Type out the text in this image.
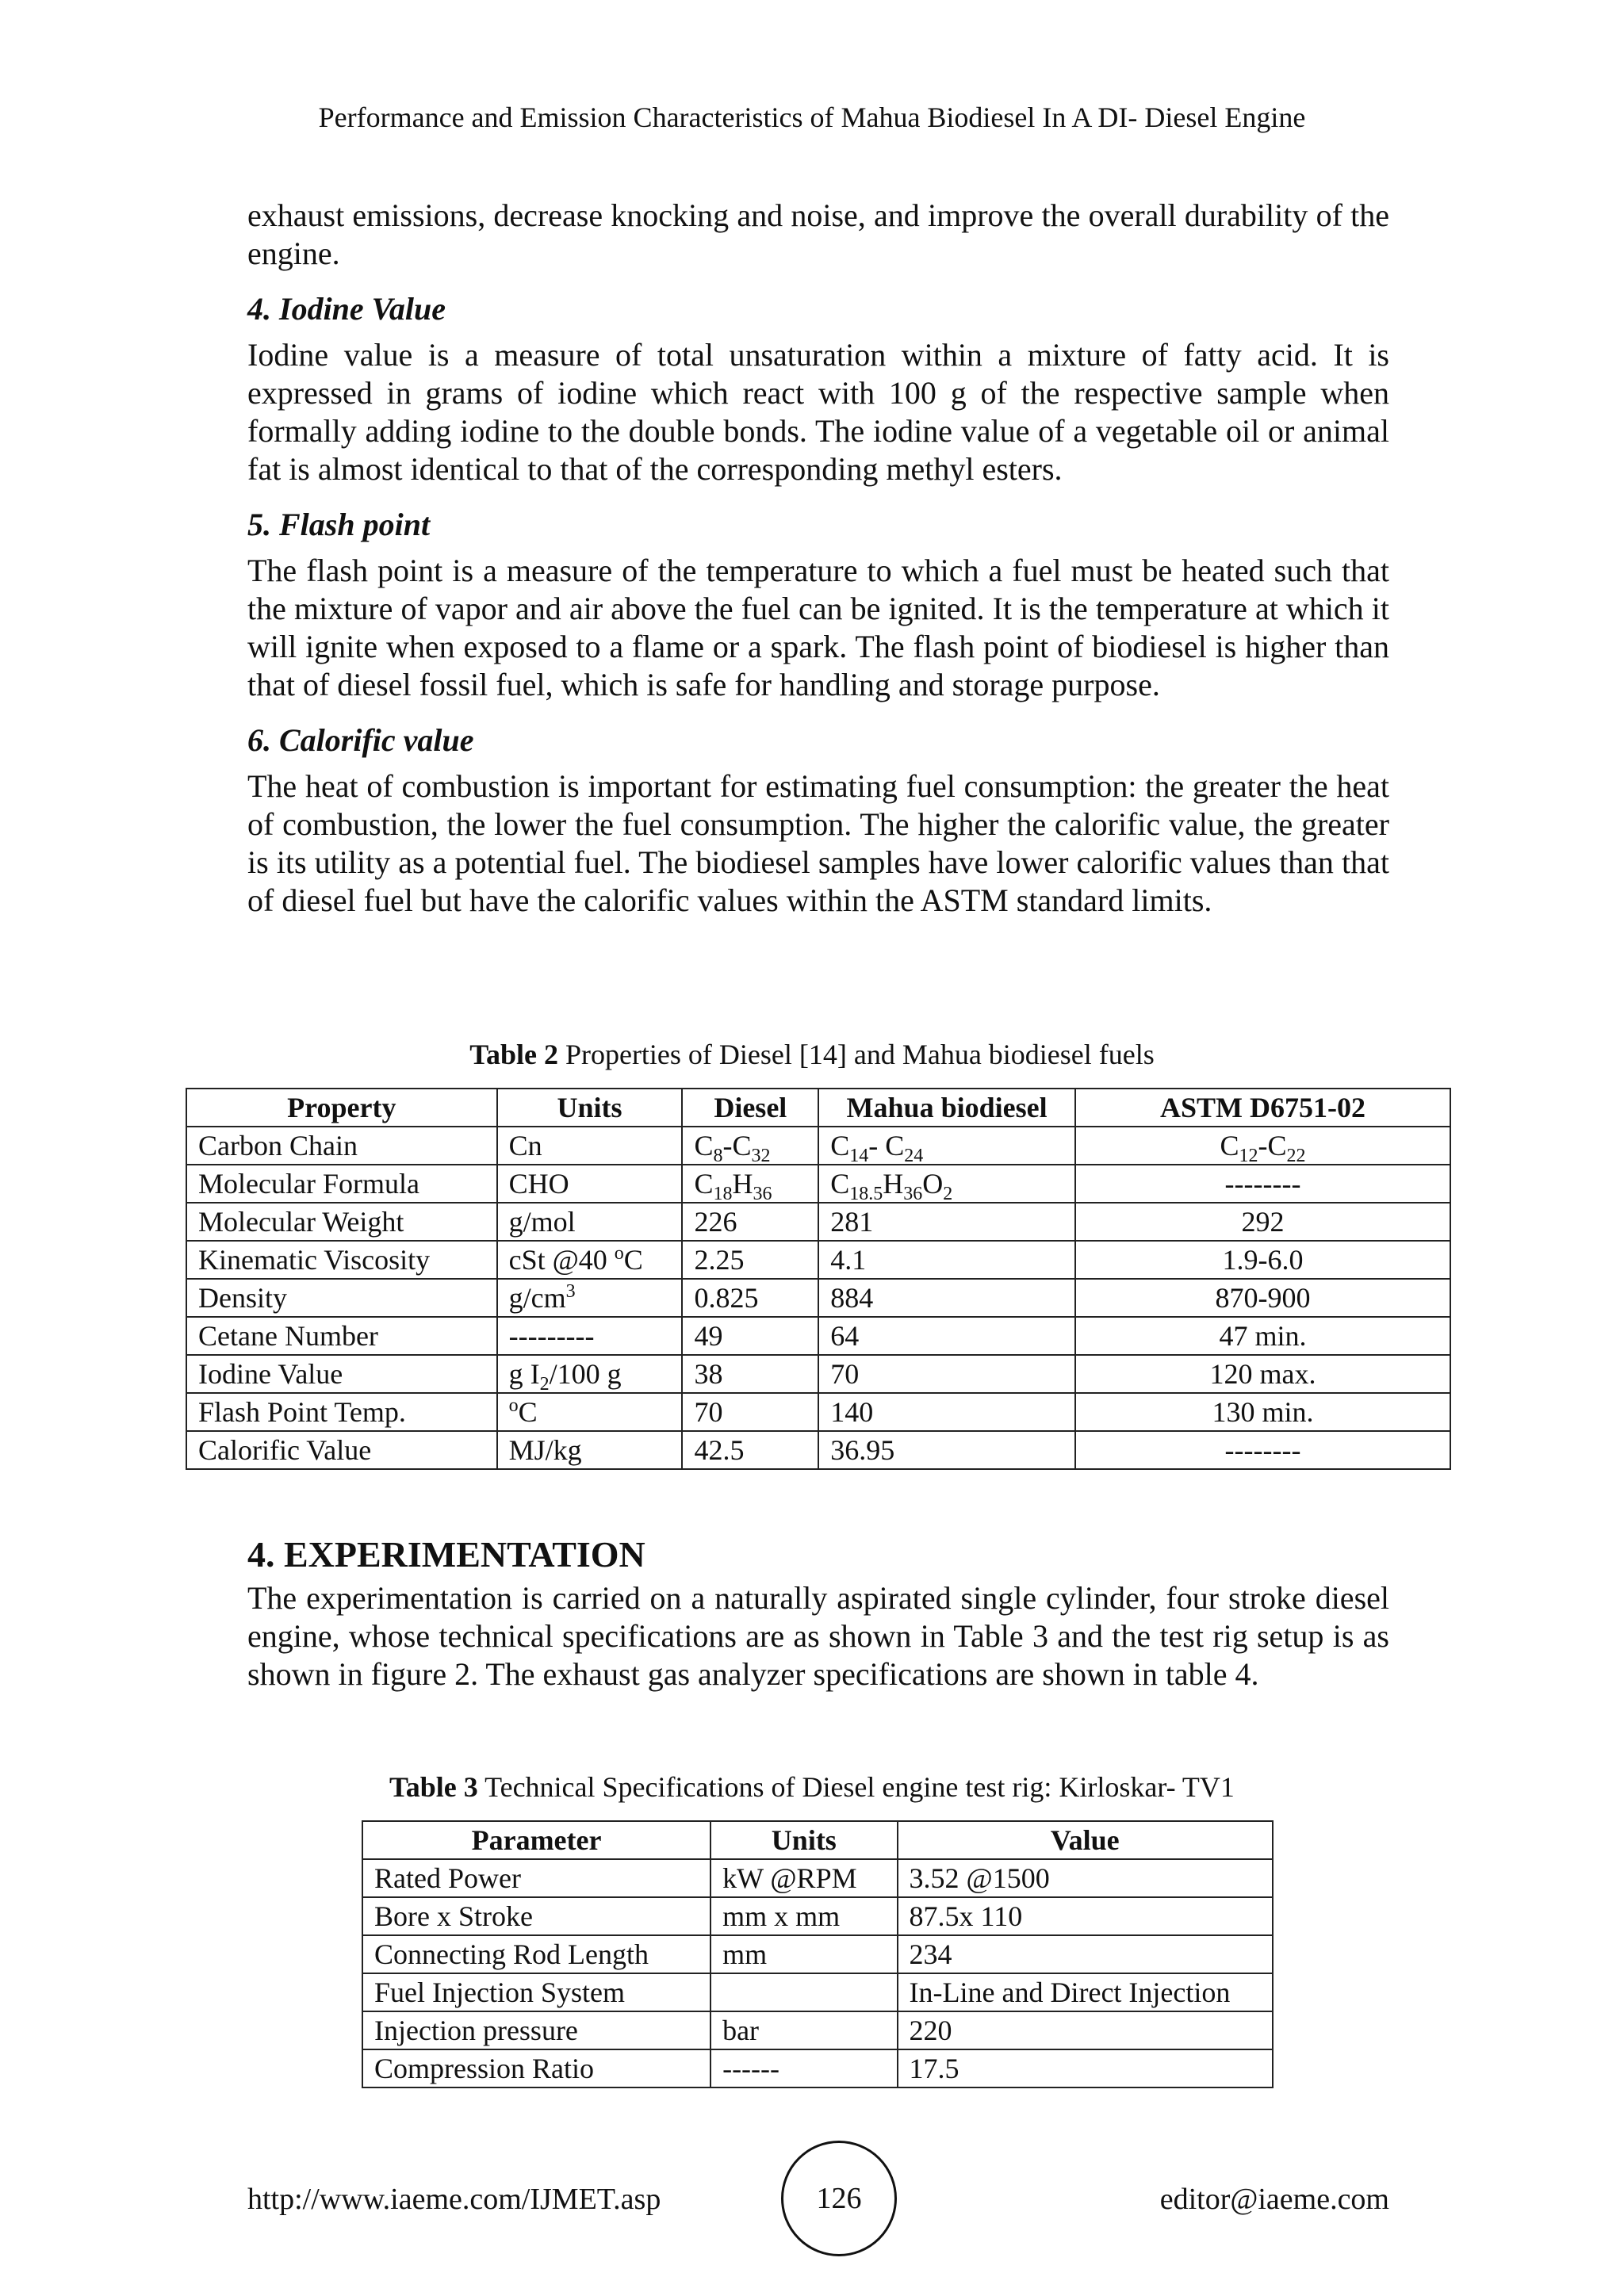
Performance and Emission Characteristics of Mahua Biodiesel In A DI- Diesel Engine

exhaust emissions, decrease knocking and noise, and improve the overall durability of the engine.

4. Iodine Value

Iodine value is a measure of total unsaturation within a mixture of fatty acid. It is expressed in grams of iodine which react with 100 g of the respective sample when formally adding iodine to the double bonds. The iodine value of a vegetable oil or animal fat is almost identical to that of the corresponding methyl esters.

5. Flash point

The flash point is a measure of the temperature to which a fuel must be heated such that the mixture of vapor and air above the fuel can be ignited. It is the temperature at which it will ignite when exposed to a flame or a spark. The flash point of biodiesel is higher than that of diesel fossil fuel, which is safe for handling and storage purpose.

6. Calorific value

The heat of combustion is important for estimating fuel consumption: the greater the heat of combustion, the lower the fuel consumption. The higher the calorific value, the greater is its utility as a potential fuel. The biodiesel samples have lower calorific values than that of diesel fuel but have the calorific values within the ASTM standard limits.

Table 2 Properties of Diesel [14] and Mahua biodiesel fuels
Property	Units	Diesel	Mahua biodiesel	ASTM D6751-02
Carbon Chain	Cn	$C_8-C_{32}$	$C_{14}-$ $C_{24}$	$C_{12}-C_{22}$
Molecular Formula	CHO	$C_{18}H_{36}$	$C_{18.5}H_{36}O_2$	--------
Molecular Weight	g/mol	226	281	292
Kinematic Viscosity	cSt @40 $^o$C	2.25	4.1	1.9-6.0
Density	$g/cm^3$	0.825	884	870-900
Cetane Number	---------	49	64	47 min.
Iodine Value	g $I_2/100$ g	38	70	120 max.
Flash Point Temp.	$^o$C	70	140	130 min.
Calorific Value	MJ/kg	42.5	36.95	--------
4. EXPERIMENTATION

The experimentation is carried on a naturally aspirated single cylinder, four stroke diesel engine, whose technical specifications are as shown in Table 3 and the test rig setup is as shown in figure 2. The exhaust gas analyzer specifications are shown in table 4.

Table 3 Technical Specifications of Diesel engine test rig: Kirloskar- TV1
Parameter	Units	Value
Rated Power	kW @RPM	3.52 @1500
Bore x Stroke	mm x mm	87.5x 110
Connecting Rod Length	mm	234
Fuel Injection System		In-Line and Direct Injection
Injection pressure	bar	220
Compression Ratio	------	17.5
http://www.iaeme.com/IJMET.asp	126	editor@iaeme.com
